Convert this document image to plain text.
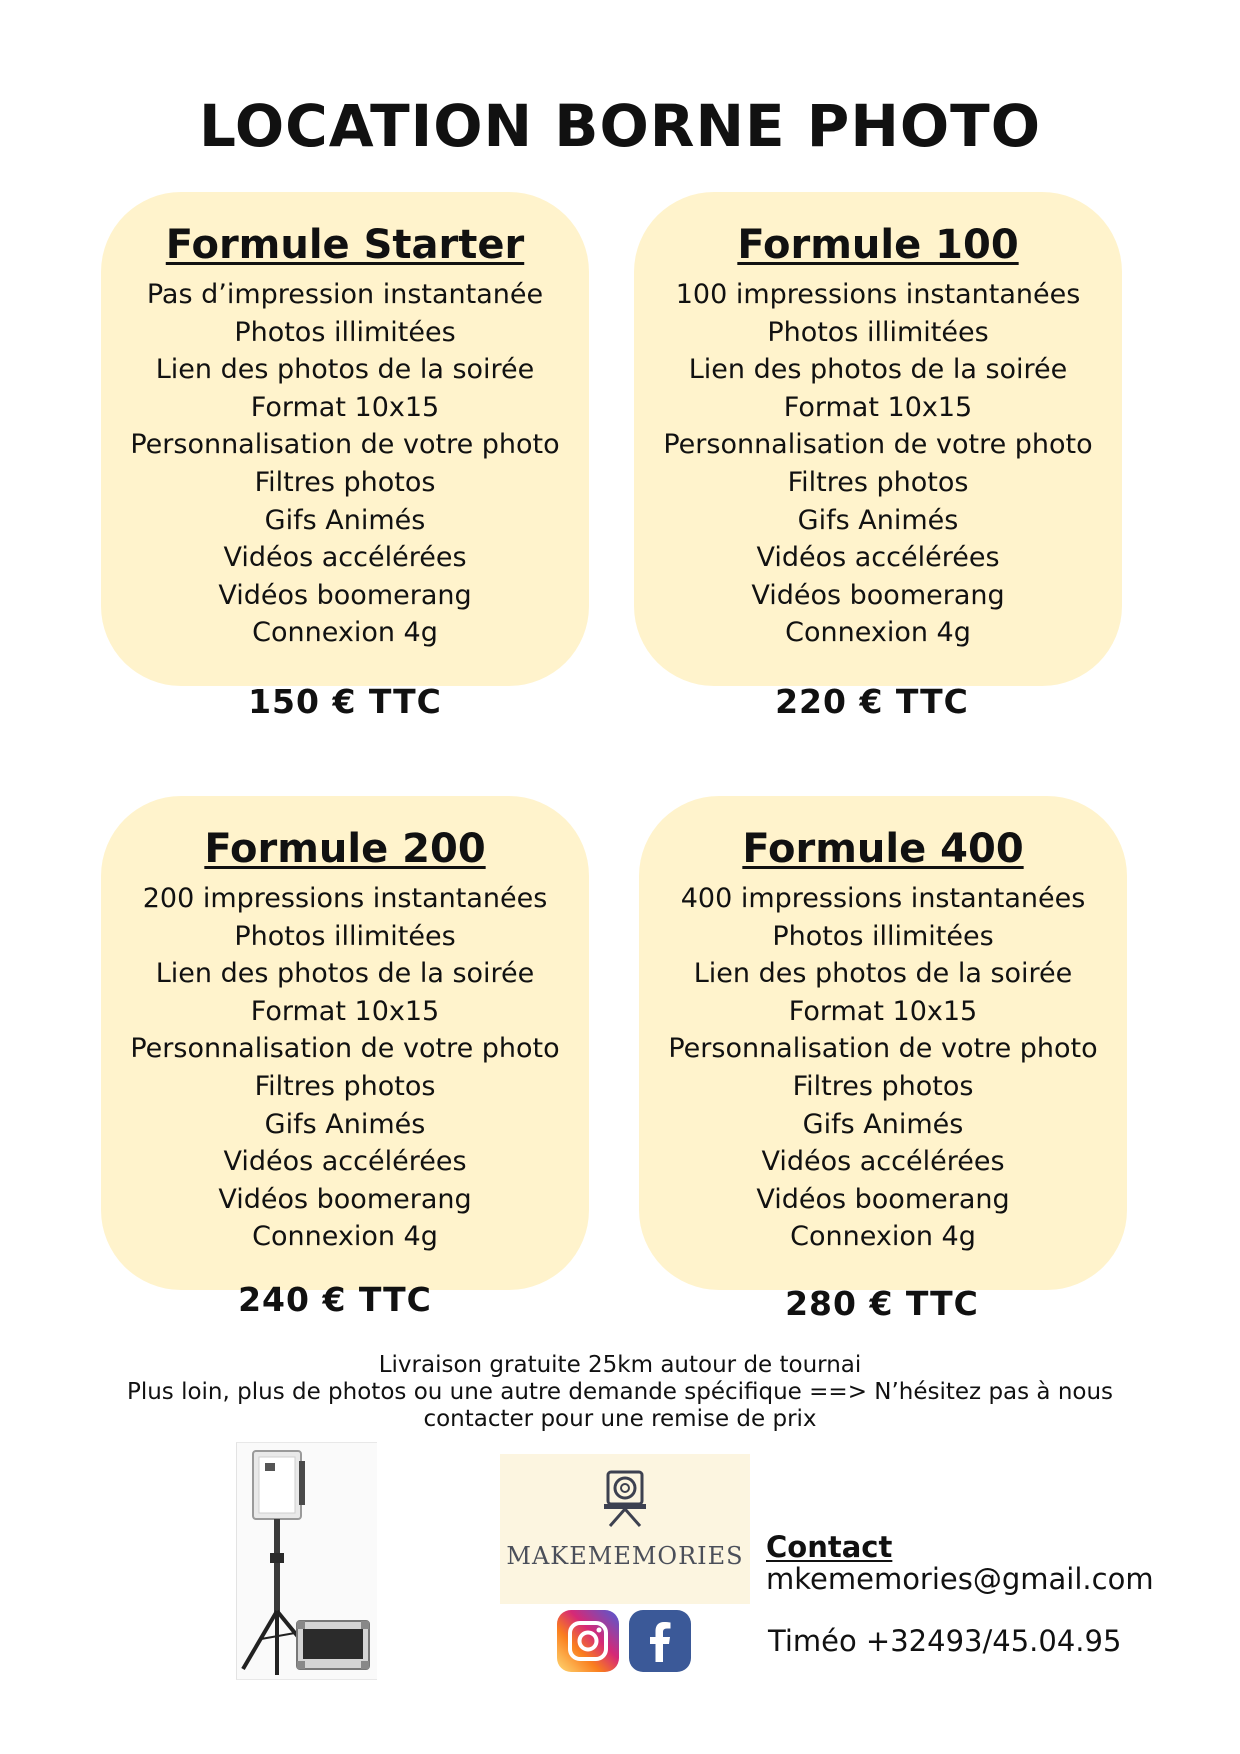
LOCATION BORNE PHOTO
Formule Starter
Pas d’impression instantanée
Photos illimitées
Lien des photos de la soirée
Format 10x15
Personnalisation de votre photo
Filtres photos
Gifs Animés
Vidéos accélérées
Vidéos boomerang
Connexion 4g
150 € TTC
Formule 100
100 impressions instantanées
Photos illimitées
Lien des photos de la soirée
Format 10x15
Personnalisation de votre photo
Filtres photos
Gifs Animés
Vidéos accélérées
Vidéos boomerang
Connexion 4g
220 € TTC
Formule 200
200 impressions instantanées
Photos illimitées
Lien des photos de la soirée
Format 10x15
Personnalisation de votre photo
Filtres photos
Gifs Animés
Vidéos accélérées
Vidéos boomerang
Connexion 4g
240 € TTC
Formule 400
400 impressions instantanées
Photos illimitées
Lien des photos de la soirée
Format 10x15
Personnalisation de votre photo
Filtres photos
Gifs Animés
Vidéos accélérées
Vidéos boomerang
Connexion 4g
280 € TTC
Livraison gratuite 25km autour de tournai
Plus loin, plus de photos ou une autre demande spécifique ==> N’hésitez pas à nous
contacter pour une remise de prix
MAKEMEMORIES Contact
mkememories@gmail.com
Timéo +32493/45.04.95
